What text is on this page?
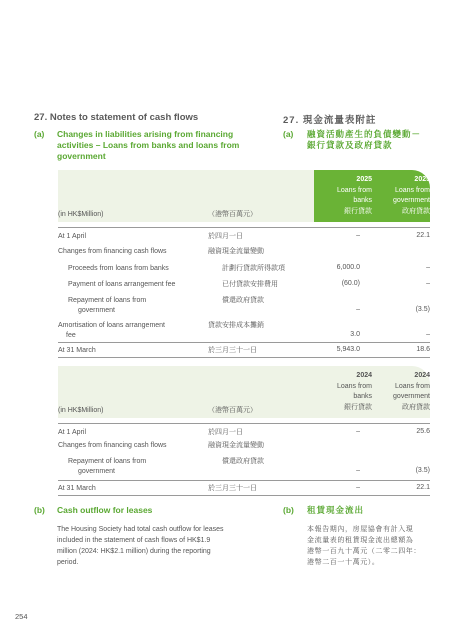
27. Notes to statement of cash flows	27. 現金流量表附註
(a) Changes in liabilities arising from financing
activities – Loans from banks and loans from
government
(a) 融資活動產生的負債變動－
銀行貸款及政府貸款
(in HK$Million)	（港幣百萬元）
2025
Loans from
banks
銀行貸款
2025
Loans from
government
政府貸款
At 1 April	於四月一日	–	22.1
Changes from financing cash flows	融資現金流量變動
Proceeds from loans from banks	計劃行貸款所得款項	6,000.0	–
Payment of loans arrangement fee	已付貸款安排費用	(60.0)	–
Repayment of loans from
government
償還政府貸款
–	(3.5)
Amortisation of loans arrangement
fee
貸款安排成本攤銷
3.0	–
At 31 March	於三月三十一日	5,943.0	18.6
(in HK$Million)	（港幣百萬元）
2024
Loans from
banks
銀行貸款
2024
Loans from
government
政府貸款
At 1 April	於四月一日	–	25.6
Changes from financing cash flows	融資現金流量變動
Repayment of loans from
government
償還政府貸款
–	(3.5)
At 31 March	於三月三十一日	–	22.1
(b) Cash outflow for leases	(b) 租賃現金流出
The Housing Society had total cash outflow for leases
included in the statement of cash flows of HK$1.9
million (2024: HK$2.1 million) during the reporting
period.
本報告期內，房屋協會有計入現
金流量表的租賃現金流出總額為
港幣一百九十萬元（二零二四年：
港幣二百一十萬元）。
254
